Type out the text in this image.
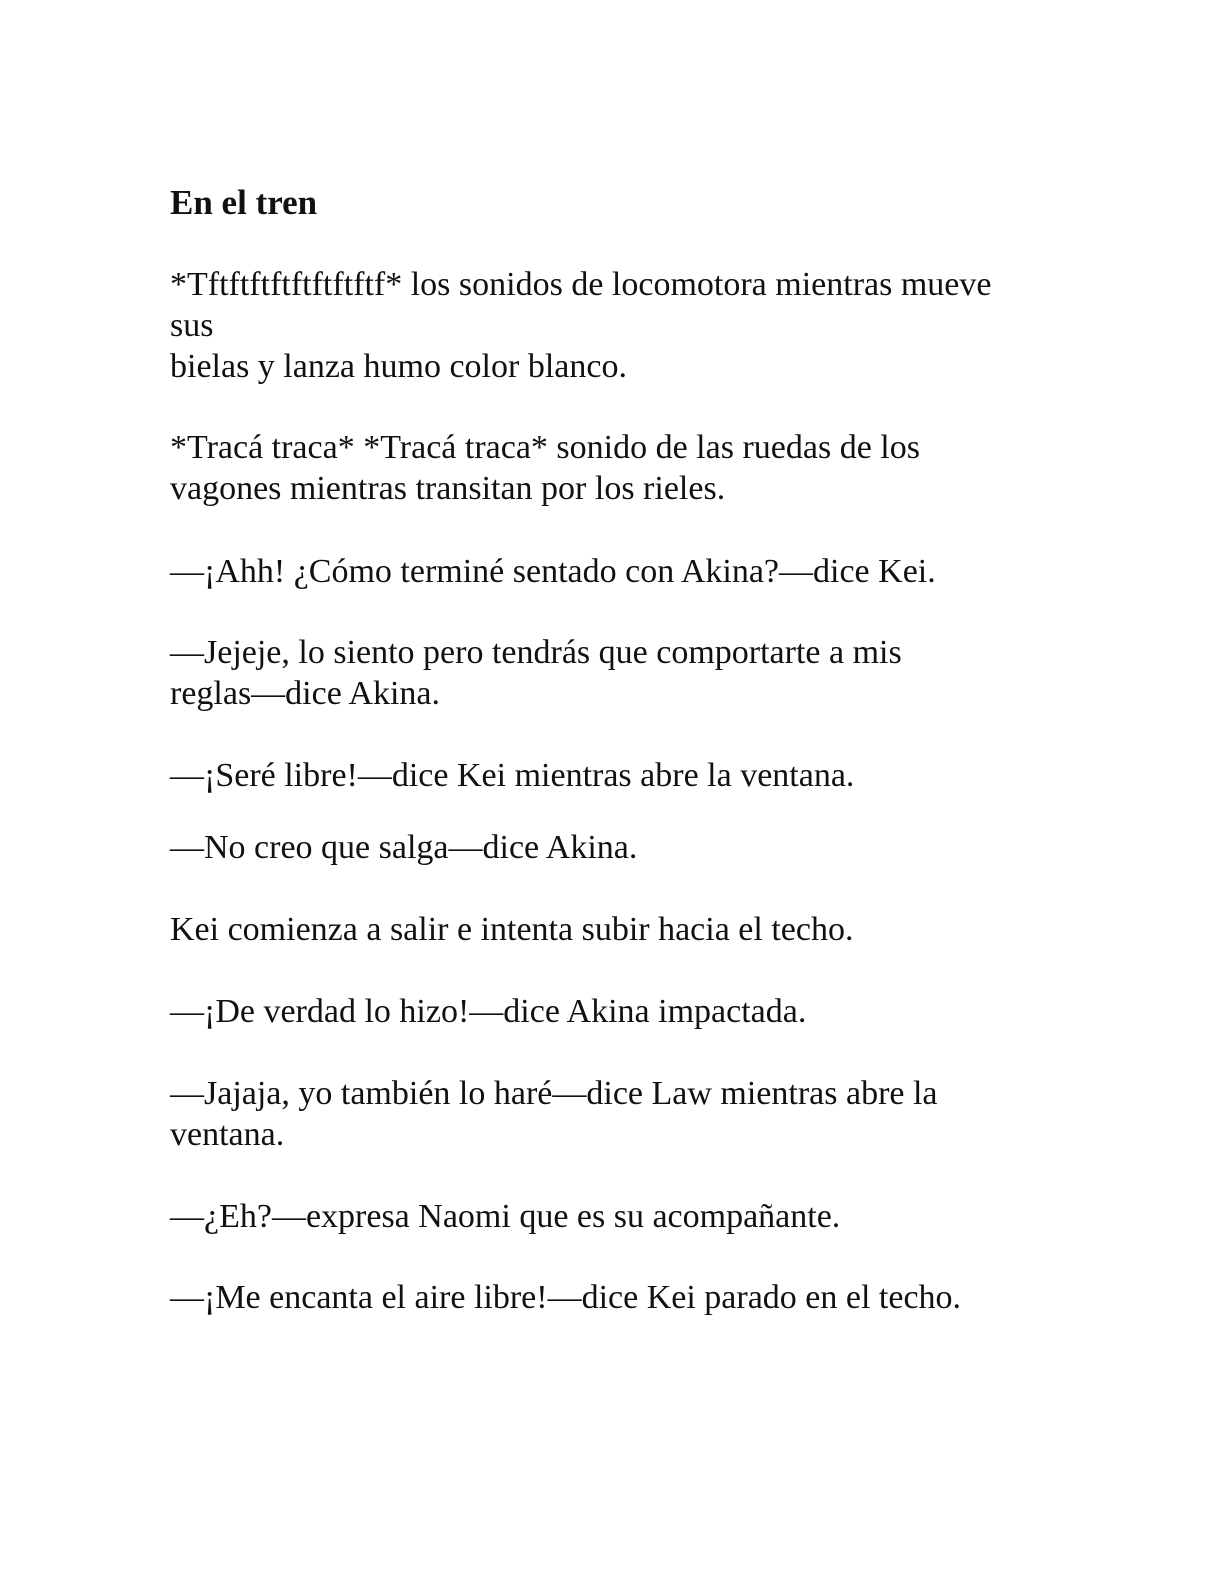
En el tren

*Tftftftftftftftftf* los sonidos de locomotora mientras mueve
sus
bielas y lanza humo color blanco.

*Tracá traca* *Tracá traca* sonido de las ruedas de los
vagones mientras transitan por los rieles.

—¡Ahh! ¿Cómo terminé sentado con Akina?—dice Kei.

—Jejeje, lo siento pero tendrás que comportarte a mis
reglas—dice Akina.

—¡Seré libre!—dice Kei mientras abre la ventana.

—No creo que salga—dice Akina.

Kei comienza a salir e intenta subir hacia el techo.

—¡De verdad lo hizo!—dice Akina impactada.

—Jajaja, yo también lo haré—dice Law mientras abre la
ventana.

—¿Eh?—expresa Naomi que es su acompañante.

—¡Me encanta el aire libre!—dice Kei parado en el techo.
